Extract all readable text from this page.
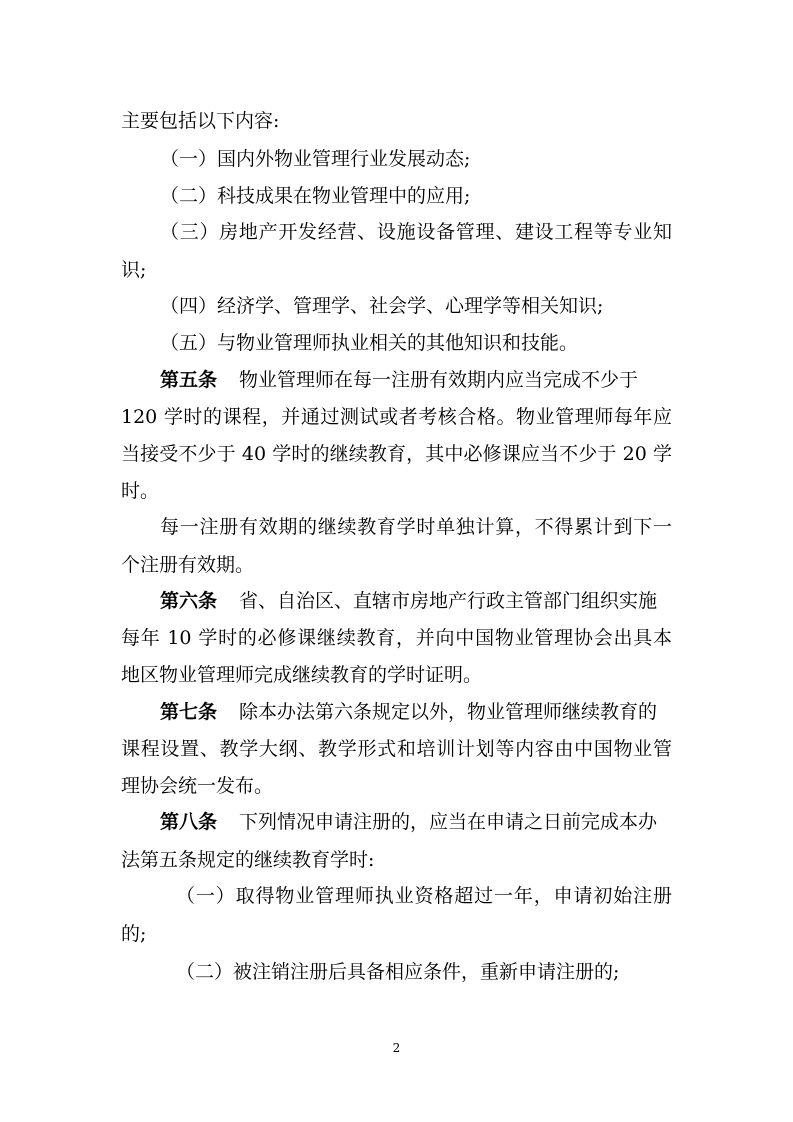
主要包括以下内容:
（一）国内外物业管理行业发展动态;
（二）科技成果在物业管理中的应用;
（三）房地产开发经营、设施设备管理、建设工程等专业知
识;
（四）经济学、管理学、社会学、心理学等相关知识;
（五）与物业管理师执业相关的其他知识和技能。
第五条 物业管理师在每一注册有效期内应当完成不少于
120 学时的课程，并通过测试或者考核合格。物业管理师每年应
当接受不少于 40 学时的继续教育，其中必修课应当不少于 20 学
时。
每一注册有效期的继续教育学时单独计算，不得累计到下一
个注册有效期。
第六条 省、自治区、直辖市房地产行政主管部门组织实施
每年 10 学时的必修课继续教育，并向中国物业管理协会出具本
地区物业管理师完成继续教育的学时证明。
第七条 除本办法第六条规定以外，物业管理师继续教育的
课程设置、教学大纲、教学形式和培训计划等内容由中国物业管
理协会统一发布。
第八条 下列情况申请注册的，应当在申请之日前完成本办
法第五条规定的继续教育学时:
（一）取得物业管理师执业资格超过一年，申请初始注册
的;
（二）被注销注册后具备相应条件，重新申请注册的;
2
